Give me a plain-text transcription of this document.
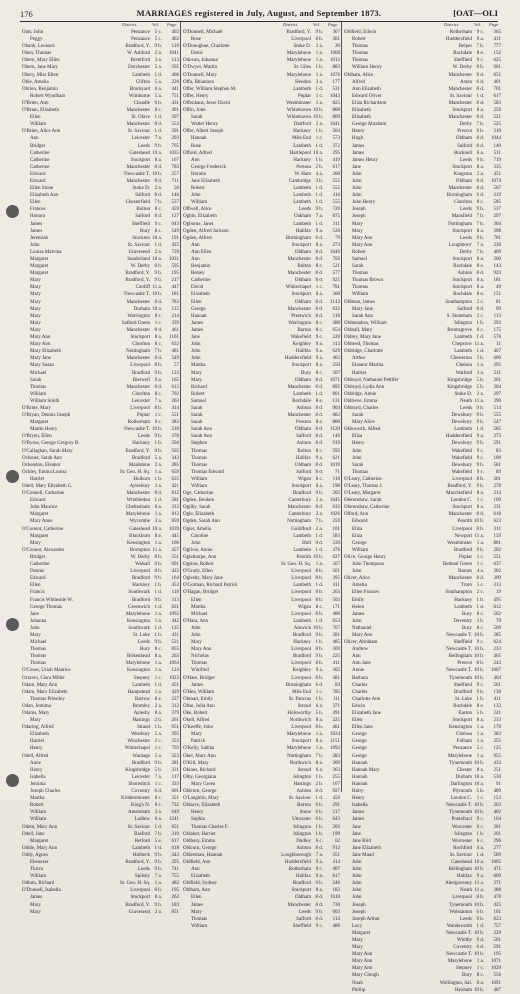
176	MARRIAGES registered in July, August, and September 1873.	[OAT—OLI
District.	Vol. Page
Oats, John	Penzance 5 c.	402
Peggy	Penzance 5 c.	402
Obank, Leonard	Bradford, Y. 9 b.	110
Oben, Thomas	W. Ashford 2 a.	1041
Obern, Mary Ellen	Brentford 3 a.	113
Obern, Jane Mary	Dorchester 5 a.	565
Obery, Miss Ellen	Lambeth 1 d.	466
Obie, Amelia	Clifton 5 a.	226
Obrien, Benjamin	Bromyard 6 a.	441
Robert Wyndham	Wimborne 5 a.	751
O'Brien, Ann	Cheadle 6 b.	431
O'Brian, Elizabeth	Manchester 8 c.	491
Ellen	St. Olave 1 d.	397
William	Manchester 8 d.	553
O'Brien, Alice Ann	St. Saviour 1 d.	501
Ann	Leicester 7 a.	293
Bridget	Leeds 9 b.	765
Catherine	Gateshead 10 a.	1035
Catherine	Stockport 8 a.	167
Catherine	Manchester 8 d.	783
Edward	Newcastle T. 10 b.	257
Edward	Manchester 8 d.	711
Ellen Stone	Stoke D. 2 a.	50
Elizabeth Ann	Salford 8 d.	146
Ellen	Chesterfield 7 b.	537
Frances	Bolton 8 c.	459
Honora	Salford 8 d.	127
James	Sheffield 9 c.	643
James	Bury 8 c.	549
Jeremiah	Stockton 10 a.	191
John	St. Saviour 1 d.	425
Louisa Malvina	Gravesend 2 a.	729
Margaret	Sunderland 10 a.	1031
Margaret	W. Derby 8 b.	595
Margaret	Bradford, Y. 9 b.	195
Mary	Bradford, Y. 9 b.	217
Mary	Cardiff 11 a.	447
Mary	Newcastle T. 10 b.	181
Mary	Manchester 8 d.	783
Mary	Durham 10 a.	515
Mary	Warrington 8 c.	214
Mary	Salford Green 1 c.	339
Mary	Manchester 8 d.	461
Mary Ann	Stockport 8 a.	1161
Mary Ann	Chorlton 8 c.	632
Mary Elizabeth	Nottingham 7 b.	481
Mary Jane	Manchester 8 d.	549
Mary Susan	Liverpool 8 b.	57
Michael	Bradford 9 b.	123
Sarah	Bierwell 9 a.	165
Thomas	Manchester 8 d.	612
William	Chorlton 8 c.	702
William Smith	Leicester 7 a.	263
O'Brine, Mary	Liverpool 8 b.	414
O'Bryan, Dennis Joseph	Poplar 1 c.	551
Margaret	Rotherham 9 c.	383
Martin Henry	Newcastle T. 10 b.	218
O'Bryen, Ellen	Leeds 9 b.	378
O'Byrne, George Gregory B.	Hackney 1 b.	504
O'Callaghan, Sarah Mary	Bradford, Y. 9 b.	505
Ochsner, Sarah Ann	Bradford 5 a.	343
Ockendon, Eleanor	Maidstone 2 a.	285
Ockley, Emma Louisa	St. Geo. H. Sq. 1 a.	659
Harriet	Holborn 1 b.	635
Odell, Mary Elizabeth C.	Aylesbury 3 a.	421
O'Connell, Catherine	Manchester 8 d.	812
Edward	Wimbledon 1 d.	581
John Maurice	Cheltenham 6 a.	312
Margaret	Marylebone 1 a.	812
Mary Anne	Wycombe 3 a.	859
O'Connor, Catherine	Gateshead 10 a.	1039
Margaret	Blackburn 8 e.	445
Mary	Kensington 1 a.	106
O'Connor, Alexander	Brompton 11 a.	457
Bridget	W. Derby 8 b.	551
Catherine	Walsall 6 b.	691
Dennis	Liverpool 8 b.	422
Edward	Bradford 9 b.	164
Ellen	Hackney 1 b.	453
Francis	Southwark 1 d.	118
Francis Whiteside W.	Bradford 9 b.	313
George Thomas	Greenwich 1 d.	831
Jane	Marylebone 1 a.	1092
Johanna	Kensington 1 a.	442
John	Southwark 1 d.	135
Mary	St. Luke 1 b.	431
Michael	Leeds 9 b.	521
Thomas	Bury 8 c.	855
Thomas	Birkenhead 8 a.	263
Thomas	Marylebone 1 a.	1064
O'Conor, Uriah Maurice	Kensington 1 a.	124
Octavio, Clara Miller	Stepney 1 c.	1023
Odam, Mary Ann	Lambeth 1 d.	451
Odam, Mary Elizabeth	Hampstead 1 a.	429
Thomas Priestley	Barrow 8 e.	227
Odan, Jemima	Bromley 2 a.	312
Odams, Mary	Aylesby 8 a.	379
Mary	Hastings 2 b.	261
Odaring, Alfred	Strand 1 b.	951
Elizabeth	Westbury 5 a.	395
Harriet	Winchester 2 c.	353
Henry	Whitechapel 1 c.	793
Odell, Alfred	Wantage 5 a.	323
Anne	Bradford 9 b.	281
Henry	Kingsbridge 5 b.	331
Isabella	Leicester 7 a.	117
Jemima	Shoreditch 1 c.	333
Joseph Charles	Coventry 6 d.	601
Martha	Kidderminster 6 c.	351
Robert	King's N. 6 c.	732
William	Amersham 3 a.	649
William	Ludlow 6 a.	1241
Odem, Mary Ann	St. Saviour 1 d.	651
Odell, Jane	Basford 7 b.	310
Margaret	Retford 5 e.	617
Oddie, Mary Ann	Lambeth 1 d.	618
Oddy, Agnes	Holbeck 9 b.	343
Ebenezer	Bradford, Y. 9 b.	295
Thirza	Leeds 9 b.	741
William	Spilsby 7 a.	755
Odlum, Richard	St. Geo. H. Sq. 1 a.	482
O'Donnell, Isabella	Liverpool 8 b.	195
James	Stockport 8 a.	262
Mary	Bradford, Y. 9 b.	183
Mary	Gravesend 2 a.	851
District.	Vol. Page
O'Donnell, Michael	Bradford, Y. 9 b.	307
Rose	Liverpool 8 b.	361
O'Donoghue, Charlotte	Stoke D. 2 a.	20
Denis	Marylebone 1 a.	1068
Odovan, Johanna	Marylebone 1 a.	1013
O'Dwyer, Martin	St. Giles 1 b.	883
O'Donnell, Mary	Marylebone 1 a.	1076
Offa, Rhiannon	Hendon 3 a.	177
Offer, William Stephen M.	Lambeth 1 d.	531
Offer, Henry	Poplar 1 c.	1043
Offenhaus, Jesse David	Westminster 1 a.	825
Offin, John	Whitehaven 10 b.	808
Sarah	Whitehaven 10 b.	809
Walter Henry	Dartford 2 a.	1041
Offer, Albert Joseph	Hackney 1 b.	504
Hannah	Mile End 1 c.	573
Rose	Lambeth 1 d.	372
Offord, Alfred	Hartlepool 10 a.	295
Ann	Hackney 1 b.	419
George Frederick	Portsea 2 b.	617
Horatio	W. Ham 4 a.	260
Jane Elizabeth	Cambridge 3 b.	555
Robert	Lambeth 1 d.	555
John	Lambeth 1 d.	416
William	Lambeth 1 d.	555
Offwell, Alice	Leeds 9 b.	720
Ogbin, Elizabeth	Oakham 7 a.	875
Ogborne, Janet	Lambeth 1 d.	311
Ogden, Alfred Jackson	Halifax 9 a.	520
Ogden, Alfred	Birmingham 6 d.	79
Ann	Stockport 8 a.	273
Ann Ellen	Oldham 8 d.	1040
Ann	Manchester 8 d.	702
Benjamin	Bolton 8 c.	521
Betsey	Manchester 8 d.	577
Catherine	Oldham 8 d.	925
David	Whitechapel 1 c.	781
Elizabeth	Stockport 8 a.	360
Ellen	Oldham 8 d.	1143
George	Manchester 8 d.	632
Hannah	Prestwich 8 d.	118
James	Warrington 8 c.	288
James	Barton 8 c.	654
Jane	Wakefield 9 c.	220
John	Keighley 9 a.	313
John	Halifax 9 a.	629
John	Huddersfield 9 a.	403
Martha	Stockport 8 a.	250
Mary	Bury 8 c.	507
Mary	Oldham 8 d.	1071
Richard	Manchester 8 d.	695
Robert	Lambeth 1 d.	601
Samuel	Rochdale 8 e.	131
Sarah	Ashton 8 d.	904
Sarah	Manchester 8 d.	683
Sarah	Preston 8 e.	800
Sarah Ann	Oldham 8 d.	1120
Sarah Ann	Salford 8 d.	146
Stephen	Ashton 8 d.	919
Thomas	Bolton 8 c.	592
Thomas	Halifax 9 a.	621
Thomas	Oldham 8 d.	1019
Thomas Edward	Salford 8 d.	71
William	Wigan 8 c.	110
William	Stockport 8 a.	198
Oge, Catherine	Bradford 9 b.	205
Ogden, Reuben	Canterbury 2 a.	1045
Ogilby, Sarah	Manchester 8 d.	633
Ogle, Elizabeth	Canterbury 2 a.	1026
Ogden, Sarah Ann	Nottingham 7 b.	259
Ogier, Amelia	Guildford 2 a.	101
Caroline	Lambeth 1 d.	583
John	Hull 9 d.	339
Ogilvie, Annie	Lambeth 1 d.	476
Oglethorpe, Ann	Penrith 10 b.	627
Ogston, Robert	St. Geo. H. Sq. 1 a.	507
O'Grady, Ellen	Liverpool 8 b.	501
Oglesby, Mary Jane	Liverpool 8 b.	395
O'Gorman, Richard Patrick	Lambeth 1 d.	411
O'Hagan, Bridget	Liverpool 8 b.	263
Ellen	Liverpool 8 b.	503
Martha	Wigan 8 c.	171
Michael	Liverpool 8 b.	406
O'Hara, Ann	Lambeth 1 d.	653
John	Alnwick 10 b.	707
John	Bradford 9 b.	281
Mary	Hackney 1 b.	485
Mary Ann	Liverpool 8 b.	369
Nicholas	Bradford 9 b.	225
Thomas	Liverpool 8 b.	411
Winifred	Keighley 9 a.	305
O'Hare, Bridget	Liverpool 8 b.	381
James	Birmingham 6 d.	84
O'Hea, William	Mile End 1 c.	785
Ohmart, Emily	St. Pancras 1 b.	111
Ohse, Julia Ann	Stroud 6 a.	371
Oke, Robert	Holsworthy 5 b.	491
Okell, Alfred	Northwich 8 a.	225
O'Keeffe, John	Liverpool 8 b.	461
Mary	Marylebone 1 a.	1024
Patrick	Stockport 8 a.	1151
O'Kelly, Sabina	Marylebone 1 a.	1093
Oker, Mary Ann	Nottingham 7 b.	283
O'Kill, Mary	Northwich 8 a.	309
Okines, Richard	Stroud 6 a.	363
Olby, Georgiana	Islington 1 b.	255
Mary Green	Hastings 2 b.	167
Oldcorn, George	Ashton 8 d.	927
O'Laughlin, Mary	St. Saviour 1 d.	459
Oldacre, Elizabeth	Burton 6 b.	291
Henry	Stone 6 b.	217
Sophia	Uttoxeter 6 b.	643
Thomas Charles F.	Islington 1 b.	203
Oldaker, Harriet	Islington 1 b.	199
Oldbury, Emma	Dudley 6 c.	62
Oldcorn, George	Ashton 8 d.	912
Oldershaw, Hannah	Loughborough 7 a.	351
Oldfield, Ann	Huddersfield 9 a.	414
Ann	Rotherham 9 c.	407
Elizabeth	Halifax 9 a.	617
Oldfield, Sydney	Bradford 9 b.	246
Oldham, Ann	Stockport 8 a.	183
Ellen	Oldham 8 d.	1010
James	Manchester 8 d.	730
Mary	Leeds 9 b.	603
Thomas	Salford 8 d.	113
William	Sheffield 9 c.	486
District.	Vol. Page
Oldfield, Edwin	Rotherham 9 c.	365
Robert	Huddersfield 9 a.	411
Thomas	Belper 7 b.	777
Thomas	Rochdale 8 e.	152
Thomas	Sheffield 9 c.	625
William Henry	W. Derby 8 b.	661
Oldham, Alice	Manchester 8 d.	651
Alfred	Aston 6 d.	401
Ann Elizabeth	Manchester 8 d.	701
Edward Oliver	St. Saviour 1 d.	617
Eliza Richardson	Manchester 8 d.	583
Elizabeth	Stockport 8 a.	256
Elizabeth	Manchester 8 d.	521
George Abraham	Derby 7 b.	525
Henry	Prescot 8 b.	310
Hugh	Oldham 8 d.	1044
James	Salford 8 d.	140
James	Bucknell 6 a.	511
James Henry	Leeds 9 b.	719
Jane	Stockport 8 a.	335
John	Kingston 2 a.	451
John	Oldham 8 d.	1074
John	Manchester 8 d.	567
John	Birmingham 6 d.	219
John Henry	Chorlton 8 c.	585
Joseph	Leeds 9 b.	537
Joseph	Mansfield 7 b.	297
Mary	Nottingham 7 b.	304
Mary	Stockport 8 a.	308
Mary Ann	Leeds 9 b.	701
Mary Ann	Loughboro' 7 a.	230
Robert	Derby 7 b.	469
Samuel	Stockport 8 a.	260
Sarah	Rochdale 8 e.	143
Thomas	Ashton 8 d.	923
Thomas Brown	Stockport 8 a.	181
Thomas	Stockport 8 a.	49
William	Rochdale 8 e.	151
Oldman, James	Southampton 2 c.	81
Mary Jane	Salford 8 d.	99
Sarah Ann	S. Stoneham 2 c.	113
Oldmeadow, William	Islington 1 b.	293
Oldnall, Mary	Bromsgrove 6 c.	175
Oldrey, Mary Jane	Lambeth 1 d.	576
Oldreed, Thomas	Chepstow 11 a.	11
Oldridge, Charlotte	Lambeth 1 d.	467
Arthur	Chesterton 3 b.	606
Eleanor Martha	Chelsea 1 a.	395
Harriet	Watford 3 a.	511
Oldroyd, Nathaniel Pettifer	Kingsbridge 5 b.	301
Oldroyd, Lydia Ann	Kingsbridge 5 b.	304
Oldridge, Annie	Stoke D. 2 a.	297
Oldrieve, Emma	Neath 11 a.	390
Oldroyd, Charles	Leeds 9 b.	514
Sarah	Dewsbury 9 b.	555
Mary Alice	Dewsbury 9 b.	547
Oldsworth, Alfred	Lambeth 1 d.	585
Eliza	Huddersfield 9 a.	373
Henry	Dewsbury 9 b.	591
John	Wakefield 9 c.	83
John	Wakefield 9 c.	100
Sarah	Dewsbury 9 b.	581
Thomas	Wakefield 9 c.	89
O'Leary, Catherine	Liverpool 8 b.	301
O'Leary, Thomas J.	Bradford, Y. 9 b.	278
O'Leary, Margaret	Macclesfield 8 a.	214
Olerenshaw, Sarah	London C. 1 c.	109
Olerenshaw, Catherine	Stockport 8 a.	231
Olford, Ann	Manchester 8 d.	618
Edward	Penrith 10 b.	623
Eliza	Liverpool 8 b.	311
Eliza	Newport 11 a.	159
George	Westminster 1 a.	801
William	Bradford 9 b.	202
Olive, George Henry	Poplar 1 c.	551
John Thompson	Bethnal Green 1 c.	637
John	Barnes 4 a.	302
Oliver, Alice	Manchester 8 d.	309
Amelia	Truro 5 c.	313
Ellen Frances	Southampton 2 c.	19
Emily	Hackney 1 b.	495
Helen	Lambeth 1 d.	612
James	Bury 8 c.	562
John	Daventry 3 b.	79
Nathaniel	Bury 8 c.	569
Mary Ann	Newcastle T. 10 b.	285
Oliver, Abraham	Sheffield 9 c.	624
Andrew	Newcastle T. 10 b.	233
Ann	Bellingham 10 b.	465
Ann Jane	Prescot 8 b.	243
Annie	Newcastle T. 10 b.	1067
Barbara	Tynemouth 10 b.	404
Charles	Sheffield 9 c.	561
Charles	Bradford 9 b.	130
Charlotte Ann	St. Luke 1 b.	411
Edwin	Rochdale 8 e.	133
Elizabeth Jane	Easton 5 b.	241
Ellen	Stockport 8 a.	233
Ellen Jane	Kensington 1 a.	170
George	Chelsea 1 a.	383
George	Fulham 1 a.	255
George	Penzance 5 c.	125
George	Marylebone 1 a.	955
Hannah	Tynemouth 10 b.	433
Hannah Mary	Chester 8 a.	251
Hannah	Durham 10 a.	530
Hannah	Darlington 10 a.	91
Harry	Plymouth 5 b.	489
Henry	London C. 1 c.	153
Isabella	Newcastle T. 10 b.	263
James	Tynemouth 10 b.	402
James	Pontefract 9 c.	164
Jane	Worcester 6 c.	301
Jane	Islington 1 b.	201
Jane Bird	Worcester 6 c.	296
Jane Elizabeth	Rochford 4 a.	277
Jane Maud	St. Saviour 1 d.	589
John	Gateshead 10 a.	1065
John	Bellingham 10 b.	471
John	Halifax 9 a.	609
John	Abergavenny 11 a.	371
John	Neath 11 a.	388
John	Liverpool 8 b.	470
Joseph	Tynemouth 10 b.	425
Joseph	Wolstanton 6 b.	101
Joseph Arthur	Leeds 9 b.	623
Lucy	Wandsworth 1 d.	757
Margaret	Newcastle T. 10 b.	229
Mary	Whitby 9 d.	501
Mary	Coventry 6 d.	591
Mary Ann	Newcastle T. 10 b.	195
Mary Ann	Marylebone 1 a.	1071
Mary Ann	Stepney 1 c.	1029
Mary Clough	Bury 8 c.	556
Noah	Wellington, Sal. 6 a.	1091
Phillip	Hexham 10 b.	487
